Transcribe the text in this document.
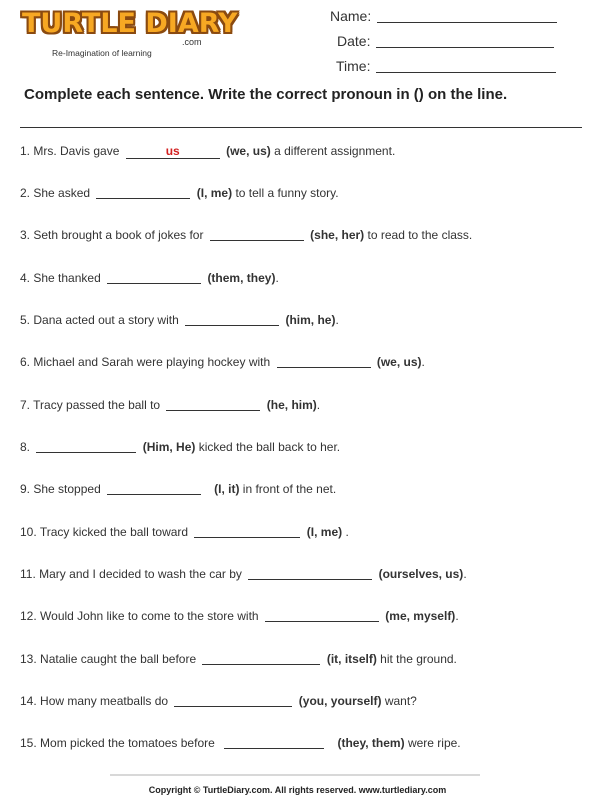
TURTLE DIARY
.com
Re-Imagination of learning
Name:
Date:
Time:
Complete each sentence. Write the correct pronoun in () on the line.
1. Mrs. Davis gave	us	(we, us) a different assignment.
2. She asked	(I, me) to tell a funny story.
3. Seth brought a book of jokes for	(she, her) to read to the class.
4. She thanked	(them, they).
5. Dana acted out a story with	(him, he).
6. Michael and Sarah were playing hockey with	(we, us).
7. Tracy passed the ball to	(he, him).
8.	(Him, He) kicked the ball back to her.
9. She stopped	(I, it) in front of the net.
10. Tracy kicked the ball toward	(I, me) .
11. Mary and I decided to wash the car by	(ourselves, us).
12. Would John like to come to the store with	(me, myself).
13. Natalie caught the ball before	(it, itself) hit the ground.
14. How many meatballs do	(you, yourself) want?
15. Mom picked the tomatoes before	(they, them) were ripe.
Copyright © TurtleDiary.com. All rights reserved. www.turtlediary.com
